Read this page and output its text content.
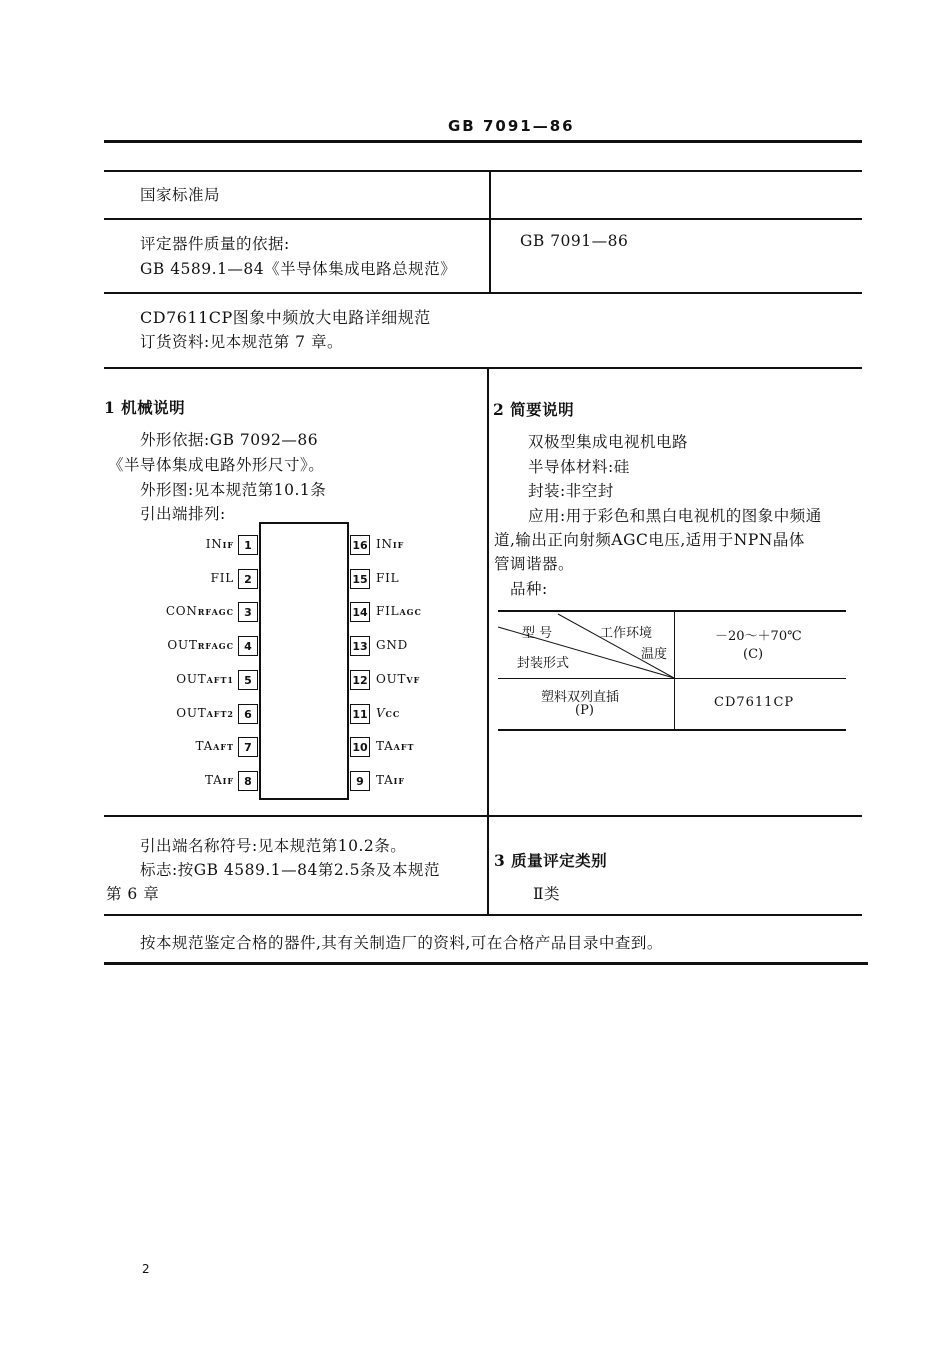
GB 7091—86
国家标准局
评定器件质量的依据:
GB 4589.1—84《半导体集成电路总规范》
GB 7091—86
CD7611CP图象中频放大电路详细规范
订货资料:见本规范第 7 章。
1 机械说明
外形依据:GB 7092—86
《半导体集成电路外形尺寸》。
外形图:见本规范第10.1条
引出端排列:
1
INIF
2
FIL
3
CONRFAGC
4
OUTRFAGC
5
OUTAFT1
6
OUTAFT2
7
TAAFT
8
TAIF
16 INIF
15 FIL
14 FILAGC
13 GND
12 OUTVF
11 VCC
10 TAAFT
9	TAIF
2 简要说明
双极型集成电视机电路
半导体材料:硅
封装:非空封
应用:用于彩色和黑白电视机的图象中频通
道,输出正向射频AGC电压,适用于NPN晶体
管调谐器。
品种:
型 号	工作环境
温度
封装形式
－20～＋70℃
(C)
塑料双列直插
(P)
CD7611CP
引出端名称符号:见本规范第10.2条。
标志:按GB 4589.1—84第2.5条及本规范
第 6 章
3 质量评定类别
Ⅱ类
按本规范鉴定合格的器件,其有关制造厂的资料,可在合格产品目录中查到。
2
